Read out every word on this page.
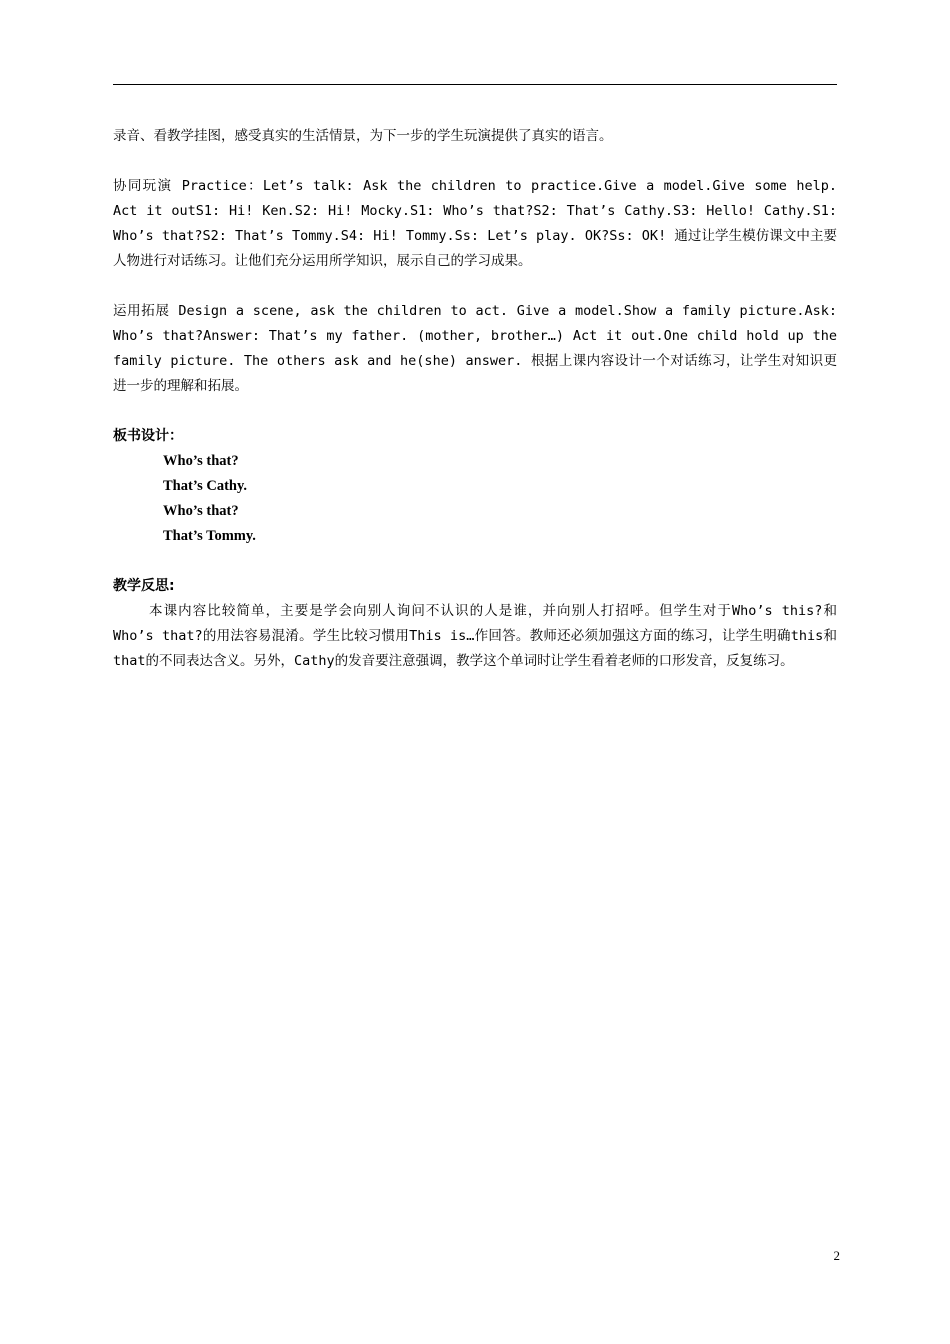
录音、看教学挂图，感受真实的生活情景，为下一步的学生玩演提供了真实的语言。

协同玩演 Practice：Let’s talk: Ask the children to practice.Give a model.Give some help. Act it outS1: Hi! Ken.S2: Hi! Mocky.S1: Who’s that?S2: That’s Cathy.S3: Hello! Cathy.S1: Who’s that?S2: That’s Tommy.S4: Hi! Tommy.Ss: Let’s play. OK?Ss: OK! 通过让学生模仿课文中主要人物进行对话练习。让他们充分运用所学知识，展示自己的学习成果。

运用拓展 Design a scene, ask the children to act. Give a model.Show a family picture.Ask: Who’s that?Answer: That’s my father. (mother, brother…) Act it out.One child hold up the family picture. The others ask and he(she) answer. 根据上课内容设计一个对话练习，让学生对知识更进一步的理解和拓展。

板书设计：

Who’s that?

That’s Cathy.

Who’s that?

That’s Tommy.

教学反思:

本课内容比较简单，主要是学会向别人询问不认识的人是谁，并向别人打招呼。但学生对于Who’s this?和 Who’s that?的用法容易混淆。学生比较习惯用This is…作回答。教师还必须加强这方面的练习，让学生明确this和 that的不同表达含义。另外，Cathy的发音要注意强调，教学这个单词时让学生看着老师的口形发音，反复练习。

2
